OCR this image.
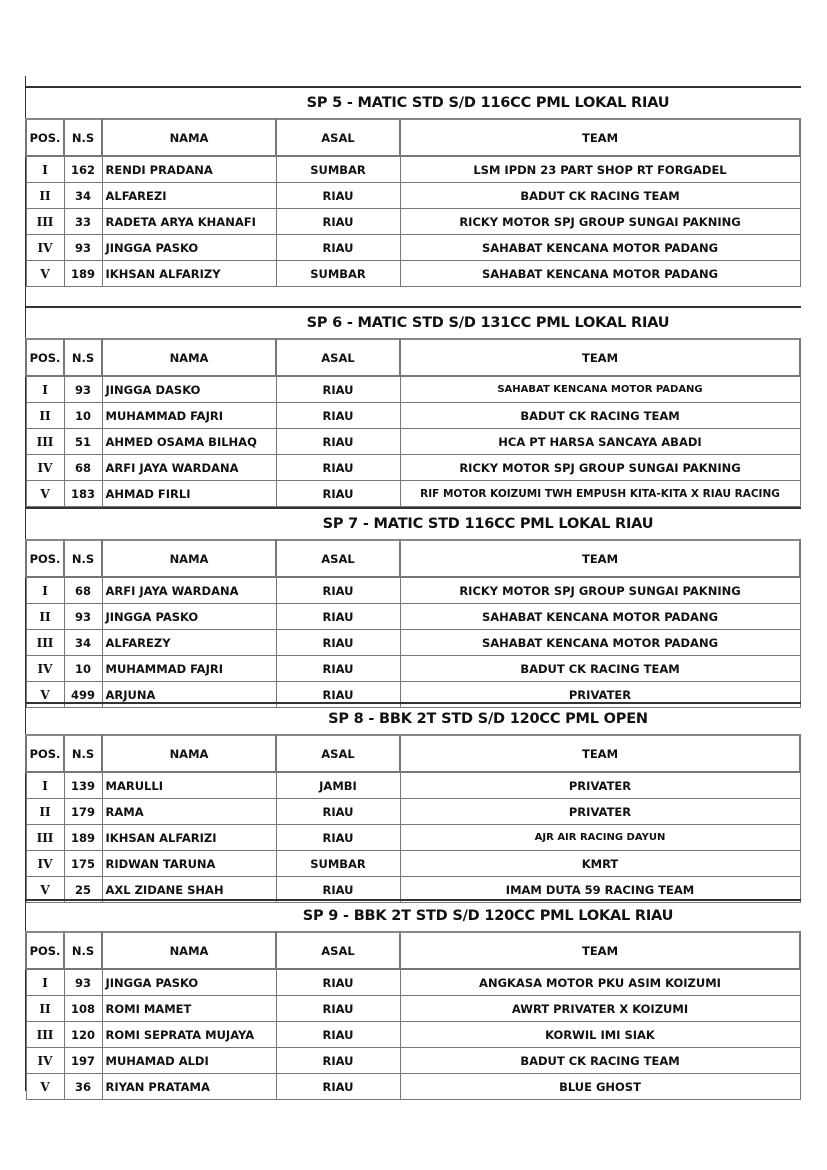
SP 5 - MATIC STD S/D 116CC PML LOKAL RIAU
POS.	N.S	NAMA	ASAL	TEAM
I	162	RENDI PRADANA	SUMBAR	LSM IPDN 23 PART SHOP RT FORGADEL
II	34	ALFAREZI	RIAU	BADUT CK RACING TEAM
III	33	RADETA ARYA KHANAFI	RIAU	RICKY MOTOR SPJ GROUP SUNGAI PAKNING
IV	93	JINGGA PASKO	RIAU	SAHABAT KENCANA MOTOR PADANG
V	189	IKHSAN ALFARIZY	SUMBAR	SAHABAT KENCANA MOTOR PADANG
SP 6 - MATIC STD S/D 131CC PML LOKAL RIAU
POS.	N.S	NAMA	ASAL	TEAM
I	93	JINGGA DASKO	RIAU	SAHABAT KENCANA MOTOR PADANG
II	10	MUHAMMAD FAJRI	RIAU	BADUT CK RACING TEAM
III	51	AHMED OSAMA BILHAQ	RIAU	HCA PT HARSA SANCAYA ABADI
IV	68	ARFI JAYA WARDANA	RIAU	RICKY MOTOR SPJ GROUP SUNGAI PAKNING
V	183	AHMAD FIRLI	RIAU	RIF MOTOR KOIZUMI TWH EMPUSH KITA-KITA X RIAU RACING
SP 7 - MATIC STD 116CC PML LOKAL RIAU
POS.	N.S	NAMA	ASAL	TEAM
I	68	ARFI JAYA WARDANA	RIAU	RICKY MOTOR SPJ GROUP SUNGAI PAKNING
II	93	JINGGA PASKO	RIAU	SAHABAT KENCANA MOTOR PADANG
III	34	ALFAREZY	RIAU	SAHABAT KENCANA MOTOR PADANG
IV	10	MUHAMMAD FAJRI	RIAU	BADUT CK RACING TEAM
V	499	ARJUNA	RIAU	PRIVATER
SP 8 - BBK 2T STD S/D 120CC PML OPEN
POS.	N.S	NAMA	ASAL	TEAM
I	139	MARULLI	JAMBI	PRIVATER
II	179	RAMA	RIAU	PRIVATER
III	189	IKHSAN ALFARIZI	RIAU	AJR AIR RACING DAYUN
IV	175	RIDWAN TARUNA	SUMBAR	KMRT
V	25	AXL ZIDANE SHAH	RIAU	IMAM DUTA 59 RACING TEAM
SP 9 - BBK 2T STD S/D 120CC PML LOKAL RIAU
POS.	N.S	NAMA	ASAL	TEAM
I	93	JINGGA PASKO	RIAU	ANGKASA MOTOR PKU ASIM KOIZUMI
II	108	ROMI MAMET	RIAU	AWRT PRIVATER X KOIZUMI
III	120	ROMI SEPRATA MUJAYA	RIAU	KORWIL IMI SIAK
IV	197	MUHAMAD ALDI	RIAU	BADUT CK RACING TEAM
V	36	RIYAN PRATAMA	RIAU	BLUE GHOST
